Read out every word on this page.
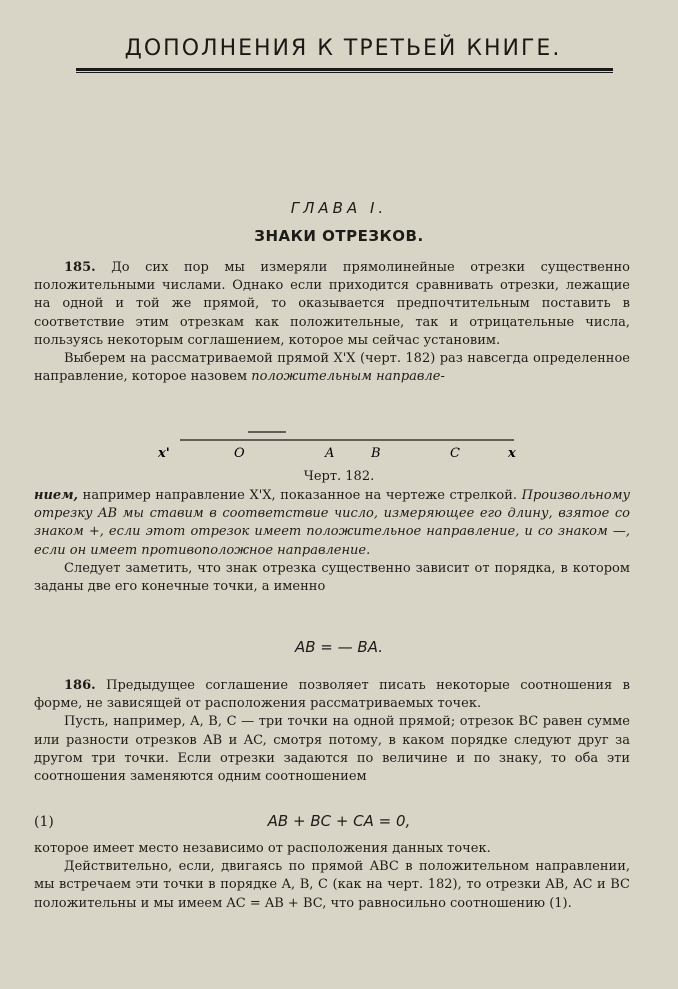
ДОПОЛНЕНИЯ К ТРЕТЬЕЙ КНИГЕ.
ГЛАВА I.
ЗНАКИ ОТРЕЗКОВ.

185. До сих пор мы измеряли прямолинейные отрезки существенно положительными числами. Однако если приходится сравнивать отрезки, лежащие на одной и той же прямой, то оказывается предпочтительным поставить в соответствие этим отрезкам как положительные, так и отрицательные числа, пользуясь некоторым соглашением, которое мы сейчас установим.

Выберем на рассматриваемой прямой X'X (черт. 182) раз навсегда определенное направление, которое назовем положительным направле-

x'	O	A	B	C	x
Черт. 182.

нием, например направление X'X, показанное на чертеже стрелкой. Произвольному отрезку AB мы ставим в соответствие число, измеряющее его длину, взятое со знаком +, если этот отрезок имеет положительное направление, и со знаком —, если он имеет противоположное направление.

Следует заметить, что знак отрезка существенно зависит от порядка, в котором заданы две его конечные точки, а именно

AB = — BA.

186. Предыдущее соглашение позволяет писать некоторые соотношения в форме, не зависящей от расположения рассматриваемых точек.

Пусть, например, A, B, C — три точки на одной прямой; отрезок BC равен сумме или разности отрезков AB и AC, смотря потому, в каком порядке следуют друг за другом три точки. Если отрезки задаются по величине и по знаку, то оба эти соотношения заменяются одним соотношением

(1)	AB + BC + CA = 0,

которое имеет место независимо от расположения данных точек.

Действительно, если, двигаясь по прямой ABC в положительном направлении, мы встречаем эти точки в порядке A, B, C (как на черт. 182), то отрезки AB, AC и BC положительны и мы имеем AC = AB + BC, что равносильно соотношению (1).
